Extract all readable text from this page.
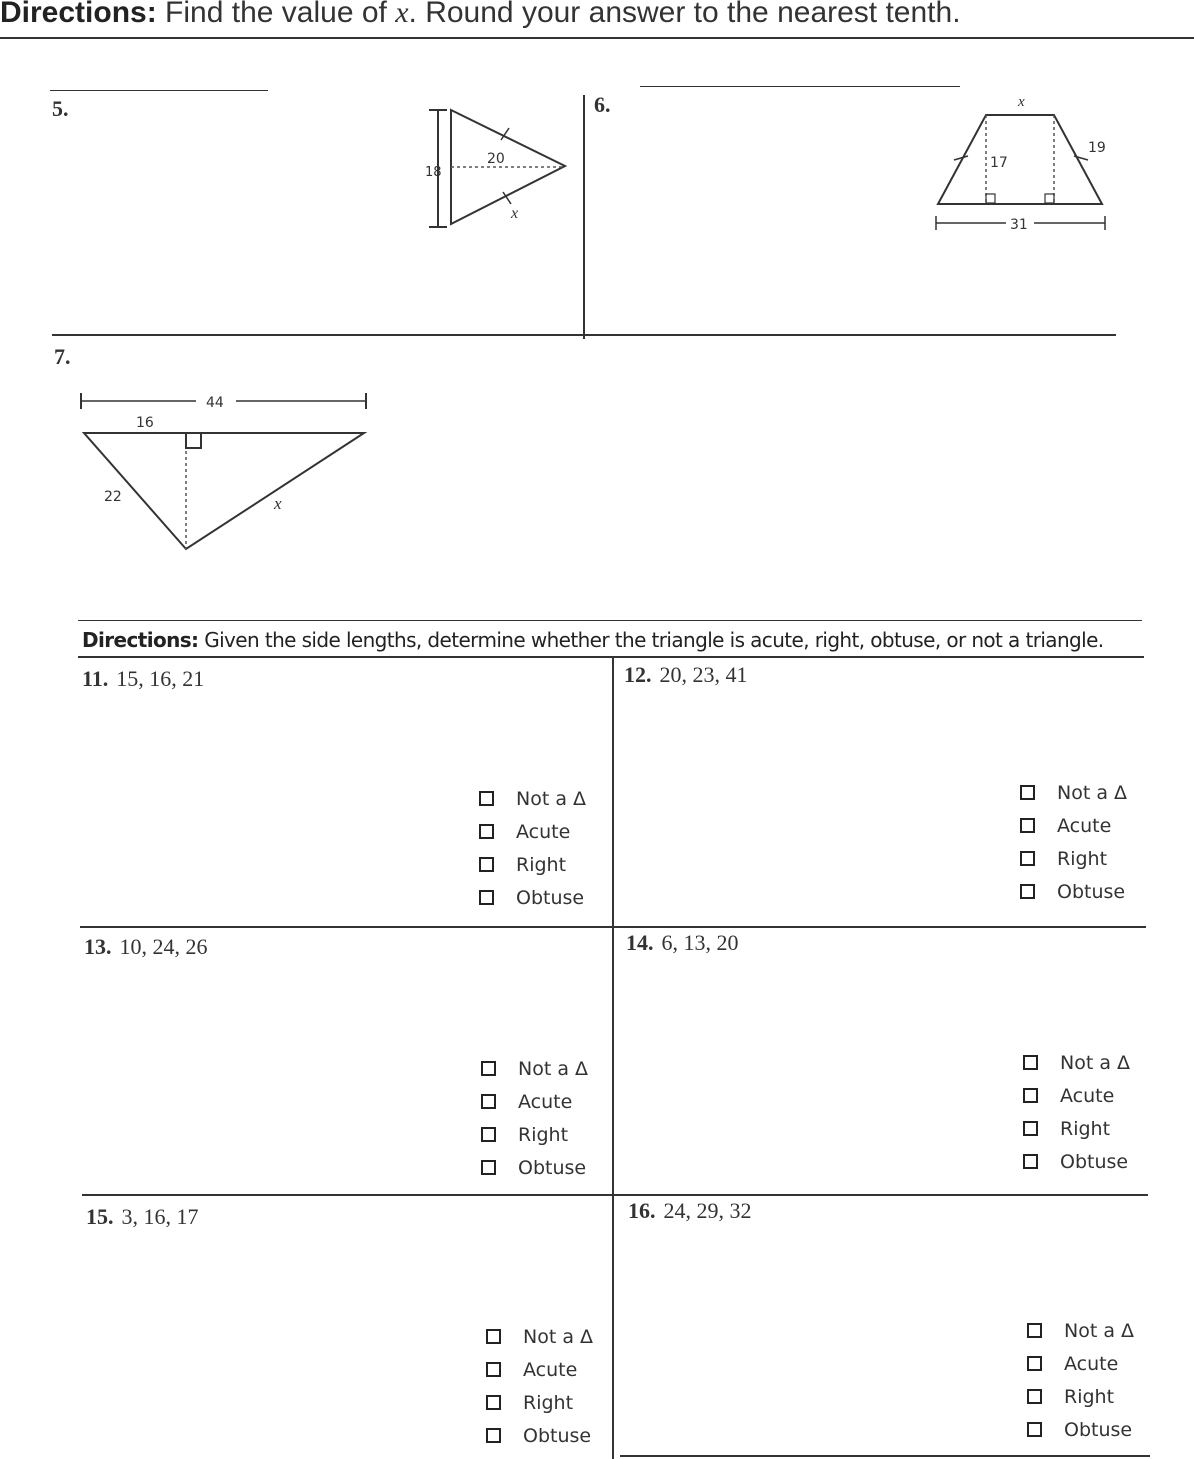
Directions: Find the value of x. Round your answer to the nearest tenth.
5.	6.
7.
18
20
x
x
17
19
31
44
16
22	x
Directions: Given the side lengths, determine whether the triangle is acute, right, obtuse, or not a triangle.
11. 15, 16, 21
Not a Δ
Acute
Right
Obtuse
12. 20, 23, 41
Not a Δ
Acute
Right
Obtuse
13. 10, 24, 26
Not a Δ
Acute
Right
Obtuse
14. 6, 13, 20
Not a Δ
Acute
Right
Obtuse
15. 3, 16, 17
Not a Δ
Acute
Right
Obtuse
16. 24, 29, 32
Not a Δ
Acute
Right
Obtuse
